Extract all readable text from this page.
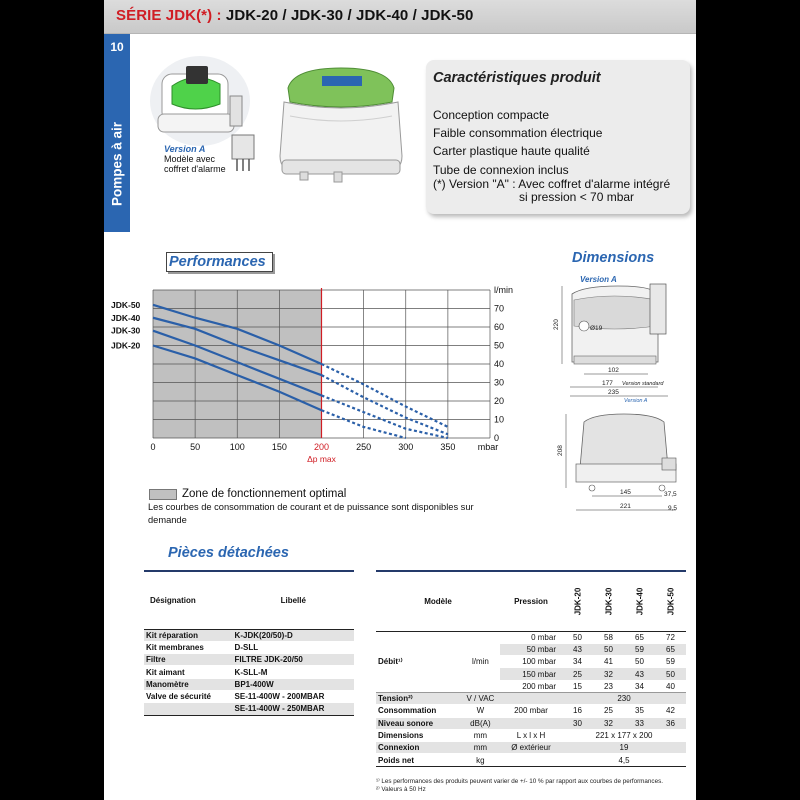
SÉRIE JDK(*) : JDK-20 / JDK-30 / JDK-40 / JDK-50
10
Pompes à air	Version A
Modèle avec
coffret d'alarme
Caractéristiques produit
Conception compacte
Faible consommation électrique
Carter plastique haute qualité
Tube de connexion inclus
(*) Version "A" : Avec coffret d'alarme intégré
si pression < 70 mbar
Performances	Dimensions
Pièces détachées
JDK-50
JDK-40
JDK-30
JDK-20
0	50	100	150	200	250	300	350 mbar
Δp max
10
20
30
40
50
60
70
0
l/min
Zone de fonctionnement optimal
Les courbes de consommation de courant et de puissance sont disponibles sur demande
Version A
220	Ø19
102
177 Version standard
235
Version A
208
145	37,5
221	9,5
Désignation	Libellé
Kit réparation	K-JDK(20/50)-D
Kit membranes	D-SLL
Filtre	FILTRE JDK-20/50
Kit aimant	K-SLL-M
Manomètre	BP1-400W
Valve de sécurité	SE-11-400W - 200MBAR
	SE-11-400W - 250MBAR
Modèle		Pression	JDK-20	JDK-30	JDK-40	JDK-50
Débit¹⁾	l/min	0 mbar	50	58	65	72
		50 mbar	43	50	59	65
		100 mbar	34	41	50	59
		150 mbar	25	32	43	50
		200 mbar	15	23	34	40
Tension²⁾	V / VAC		230			
Consommation	W	200 mbar	16	25	35	42
Niveau sonore	dB(A)		30	32	33	36
Dimensions	mm	L x l x H	221 x 177 x 200			
Connexion	mm	Ø extérieur	19			
Poids net	kg		4,5			
¹⁾ Les performances des produits peuvent varier de +/- 10 % par rapport aux courbes de performances.
²⁾ Valeurs à 50 Hz
